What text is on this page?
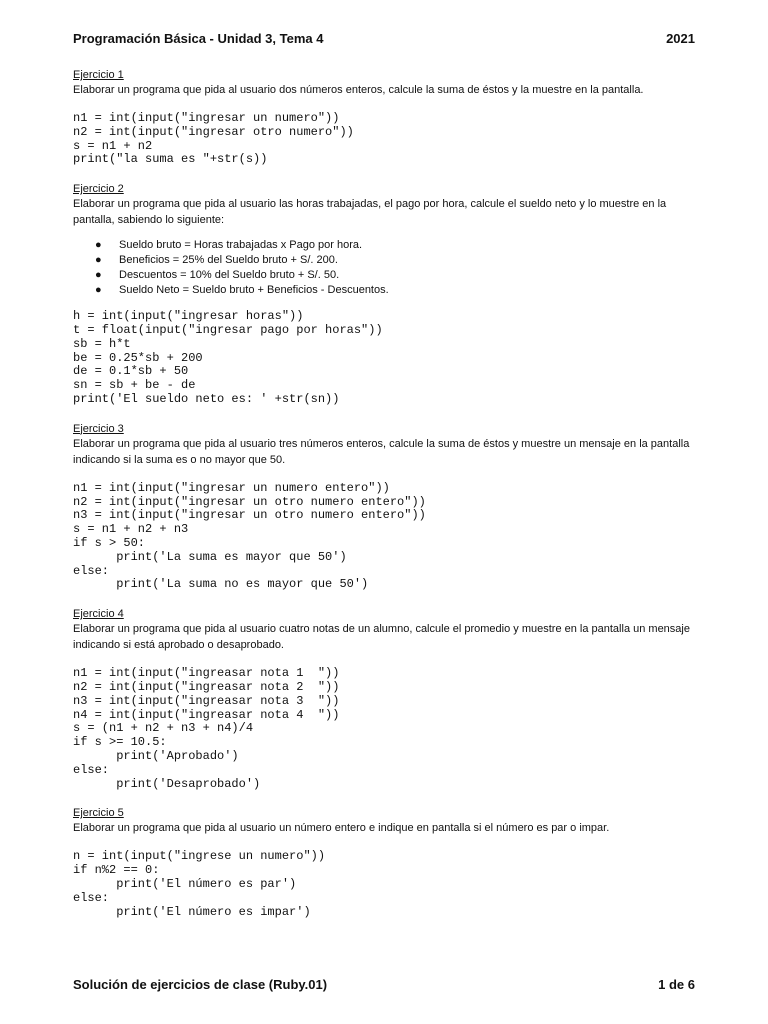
Programación Básica - Unidad 3, Tema 4	2021
Ejercicio 1
Elaborar un programa que pida al usuario dos números enteros, calcule la suma de éstos y la muestre en la pantalla.
n1 = int(input("ingresar un numero"))
n2 = int(input("ingresar otro numero"))
s = n1 + n2
print("la suma es "+str(s))
Ejercicio 2
Elaborar un programa que pida al usuario las horas trabajadas, el pago por hora, calcule el sueldo neto y lo muestre en la pantalla, sabiendo lo siguiente:
● Sueldo bruto = Horas trabajadas x Pago por hora.
● Beneficios = 25% del Sueldo bruto + S/. 200.
● Descuentos = 10% del Sueldo bruto + S/. 50.
● Sueldo Neto = Sueldo bruto + Beneficios - Descuentos.
h = int(input("ingresar horas"))
t = float(input("ingresar pago por horas"))
sb = h*t
be = 0.25*sb + 200
de = 0.1*sb + 50
sn = sb + be - de
print('El sueldo neto es: ' +str(sn))
Ejercicio 3
Elaborar un programa que pida al usuario tres números enteros, calcule la suma de éstos y muestre un mensaje en la pantalla indicando si la suma es o no mayor que 50.
n1 = int(input("ingresar un numero entero"))
n2 = int(input("ingresar un otro numero entero"))
n3 = int(input("ingresar un otro numero entero"))
s = n1 + n2 + n3
if s > 50:
print('La suma es mayor que 50')
else:
print('La suma no es mayor que 50')
Ejercicio 4
Elaborar un programa que pida al usuario cuatro notas de un alumno, calcule el promedio y muestre en la pantalla un mensaje indicando si está aprobado o desaprobado.
n1 = int(input("ingreasar nota 1  "))
n2 = int(input("ingreasar nota 2  "))
n3 = int(input("ingreasar nota 3  "))
n4 = int(input("ingreasar nota 4  "))
s = (n1 + n2 + n3 + n4)/4
if s >= 10.5:
print('Aprobado')
else:
print('Desaprobado')
Ejercicio 5
Elaborar un programa que pida al usuario un número entero e indique en pantalla si el número es par o impar.
n = int(input("ingrese un numero"))
if n%2 == 0:
print('El número es par')
else:
print('El número es impar')
Solución de ejercicios de clase (Ruby.01)	1 de 6
